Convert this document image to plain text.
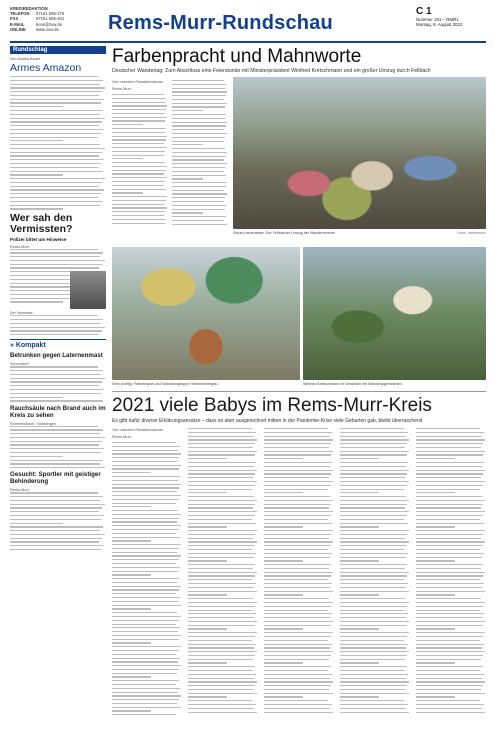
KREISREDAKTION
TELEFON 07151 566-275
FAX	07151 566-401
E-MAIL	kreis@zvw.de
ONLINE www.zvw.de Rems-Murr-Rundschau
C 1
Nummer 181 – RMR1
Montag, 8. August 2022
Rundschlag
Von Annika Bauer
Armes Amazon
Wer sah den Vermissten?
Polizei bittet um Hinweise
Rems-Murr.
Der Vermisste.
» Kompakt
Betrunken gegen Laternenmast
Schorndorf.
Rauchsäule nach Brand auch im Kreis zu sehen
Rommelsbach / Waiblingen.
Gesucht: Sportler mit geistiger Behinderung
Rems-Murr.
Farbenpracht und Mahnworte
Deutscher Wandertag: Zum Abschluss eine Feierstunde mit Ministerpräsident Winfried Kretschmann und ein großer Umzug durch Fellbach
Von unserem Redaktionsteam
Rems-Murr.
Schaut bedeutsam: Der Fellbacher Umzug der Wandervereine.	Fotos: Habermann
Sehr zünftig: Fahnenspiel und Volkstanzgruppe Hohenlohnergau.	Winfried Kretschmann im Gespräch mit Wanderjugendlichen.
2021 viele Babys im Rems-Murr-Kreis
Es gibt dafür diverse Erklärungsansätze – dass es aber ausgerechnet mitten in der Pandemie-Krise viele Geburten gab, bleibt überraschend
Von unserem Redaktionsteam
Rems-Murr.
